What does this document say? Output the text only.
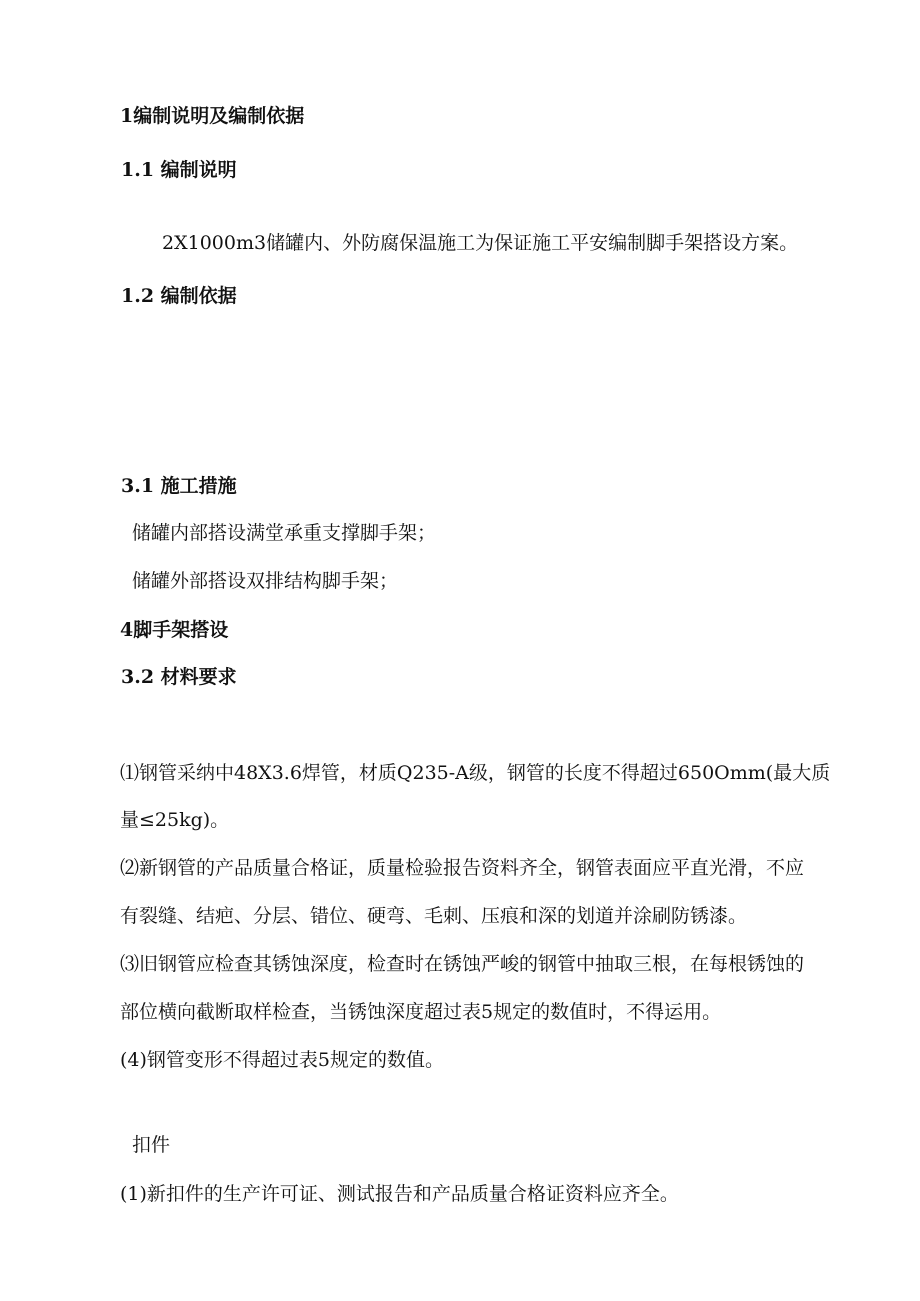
1编制说明及编制依据
1.1 编制说明
2X1000m3储罐内、外防腐保温施工为保证施工平安编制脚手架搭设方案。
1.2 编制依据
3.1 施工措施
储罐内部搭设满堂承重支撑脚手架；
储罐外部搭设双排结构脚手架；
4脚手架搭设
3.2 材料要求
⑴钢管采纳中48X3.6焊管，材质Q235-A级，钢管的长度不得超过650Omm(最大质
量≤25kg)。
⑵新钢管的产品质量合格证，质量检验报告资料齐全，钢管表面应平直光滑，不应
有裂缝、结疤、分层、错位、硬弯、毛刺、压痕和深的划道并涂刷防锈漆。
⑶旧钢管应检查其锈蚀深度，检查时在锈蚀严峻的钢管中抽取三根，在每根锈蚀的
部位横向截断取样检查，当锈蚀深度超过表5规定的数值时，不得运用。
(4)钢管变形不得超过表5规定的数值。
扣件
(1)新扣件的生产许可证、测试报告和产品质量合格证资料应齐全。
